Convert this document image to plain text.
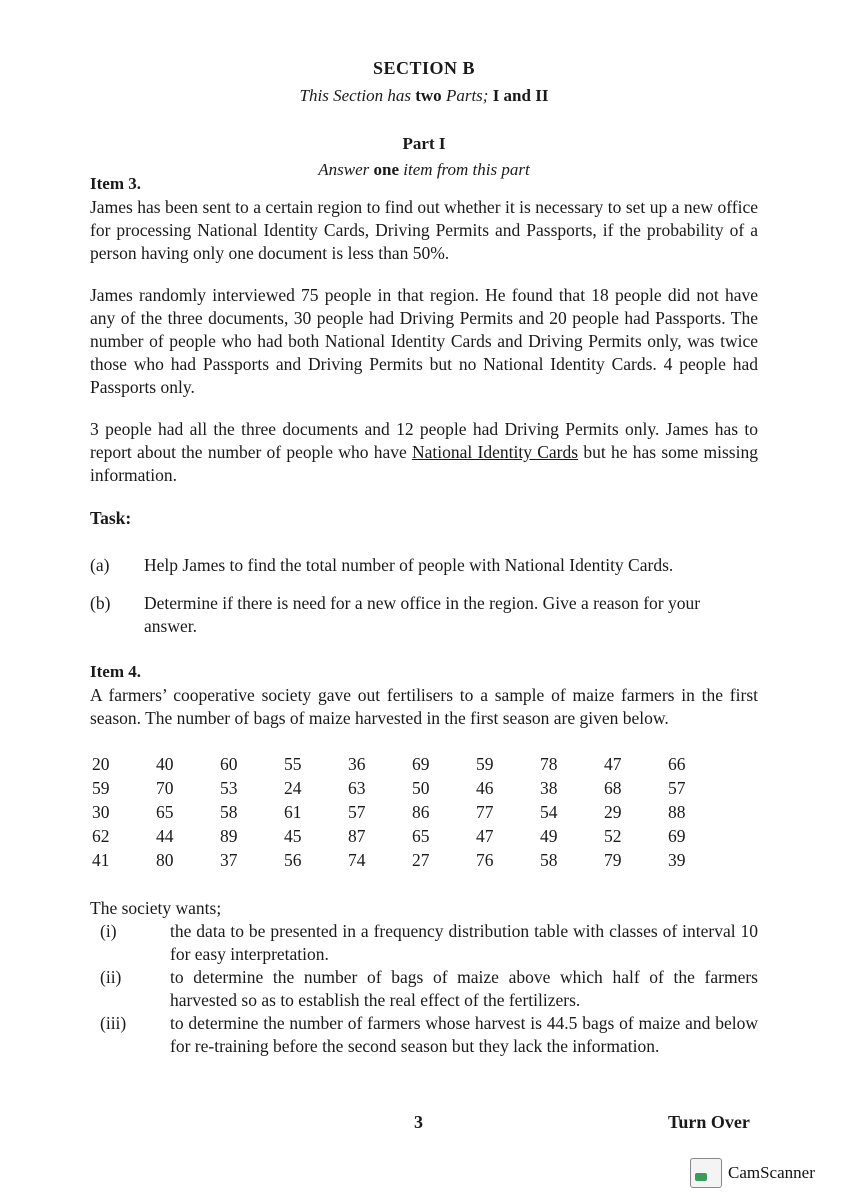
SECTION B
This Section has two Parts; I and II
Part I
Answer one item from this part
Item 3.
James has been sent to a certain region to find out whether it is necessary to set up a new office for processing National Identity Cards, Driving Permits and Passports, if the probability of a person having only one document is less than 50%.
James randomly interviewed 75 people in that region. He found that 18 people did not have any of the three documents, 30 people had Driving Permits and 20 people had Passports. The number of people who had both National Identity Cards and Driving Permits only, was twice those who had Passports and Driving Permits but no National Identity Cards. 4 people had Passports only.
3 people had all the three documents and 12 people had Driving Permits only. James has to report about the number of people who have National Identity Cards but he has some missing information.
Task:
(a) Help James to find the total number of people with National Identity Cards.
(b) Determine if there is need for a new office in the region. Give a reason for your answer.
Item 4.
A farmers’ cooperative society gave out fertilisers to a sample of maize farmers in the first season. The number of bags of maize harvested in the first season are given below.
20	40	60	55	36	69	59	78	47	66
59	70	53	24	63	50	46	38	68	57
30	65	58	61	57	86	77	54	29	88
62	44	89	45	87	65	47	49	52	69
41	80	37	56	74	27	76	58	79	39
The society wants;
(i)	the data to be presented in a frequency distribution table with classes of interval 10 for easy interpretation.
(ii)	to determine the number of bags of maize above which half of the farmers harvested so as to establish the real effect of the fertilizers.
(iii)	to determine the number of farmers whose harvest is 44.5 bags of maize and below for re-training before the second season but they lack the information.
3	Turn Over
CamScanner
